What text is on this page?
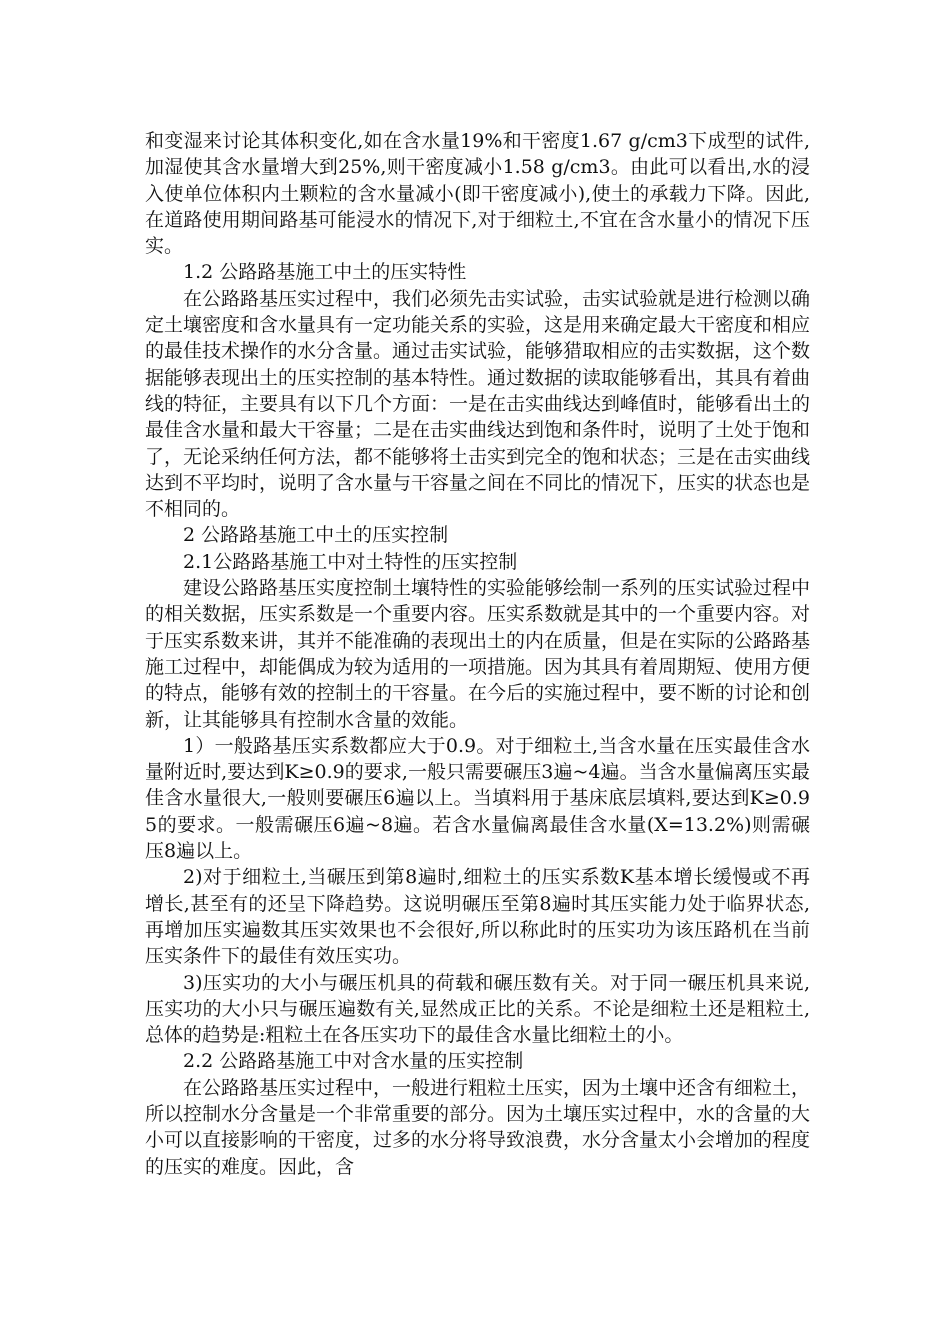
和变湿来讨论其体积变化,如在含水量19%和干密度1.67 g/cm3下成型的试件,加湿使其含水量增大到25%,则干密度减小1.58 g/cm3。由此可以看出,水的浸入使单位体积内土颗粒的含水量减小(即干密度减小),使土的承载力下降。因此,在道路使用期间路基可能浸水的情况下,对于细粒土,不宜在含水量小的情况下压实。

1.2 公路路基施工中土的压实特性

在公路路基压实过程中，我们必须先击实试验，击实试验就是进行检测以确定土壤密度和含水量具有一定功能关系的实验，这是用来确定最大干密度和相应的最佳技术操作的水分含量。通过击实试验，能够猎取相应的击实数据，这个数据能够表现出土的压实控制的基本特性。通过数据的读取能够看出，其具有着曲线的特征，主要具有以下几个方面：一是在击实曲线达到峰值时，能够看出土的最佳含水量和最大干容量；二是在击实曲线达到饱和条件时，说明了土处于饱和了，无论采纳任何方法，都不能够将土击实到完全的饱和状态；三是在击实曲线达到不平均时，说明了含水量与干容量之间在不同比的情况下，压实的状态也是不相同的。

2 公路路基施工中土的压实控制

2.1公路路基施工中对土特性的压实控制

建设公路路基压实度控制土壤特性的实验能够绘制一系列的压实试验过程中的相关数据，压实系数是一个重要内容。压实系数就是其中的一个重要内容。对于压实系数来讲，其并不能准确的表现出土的内在质量，但是在实际的公路路基施工过程中，却能偶成为较为适用的一项措施。因为其具有着周期短、使用方便的特点，能够有效的控制土的干容量。在今后的实施过程中，要不断的讨论和创新，让其能够具有控制水含量的效能。

1）一般路基压实系数都应大于0.9。对于细粒土,当含水量在压实最佳含水量附近时,要达到K≥0.9的要求,一般只需要碾压3遍~4遍。当含水量偏离压实最佳含水量很大,一般则要碾压6遍以上。当填料用于基床底层填料,要达到K≥0.95的要求。一般需碾压6遍~8遍。若含水量偏离最佳含水量(X=13.2%)则需碾压8遍以上。

2)对于细粒土,当碾压到第8遍时,细粒土的压实系数K基本增长缓慢或不再增长,甚至有的还呈下降趋势。这说明碾压至第8遍时其压实能力处于临界状态,再增加压实遍数其压实效果也不会很好,所以称此时的压实功为该压路机在当前压实条件下的最佳有效压实功。

3)压实功的大小与碾压机具的荷载和碾压数有关。对于同一碾压机具来说,压实功的大小只与碾压遍数有关,显然成正比的关系。不论是细粒土还是粗粒土,总体的趋势是:粗粒土在各压实功下的最佳含水量比细粒土的小。

2.2 公路路基施工中对含水量的压实控制

在公路路基压实过程中，一般进行粗粒土压实，因为土壤中还含有细粒土，所以控制水分含量是一个非常重要的部分。因为土壤压实过程中，水的含量的大小可以直接影响的干密度，过多的水分将导致浪费，水分含量太小会增加的程度的压实的难度。因此，含
